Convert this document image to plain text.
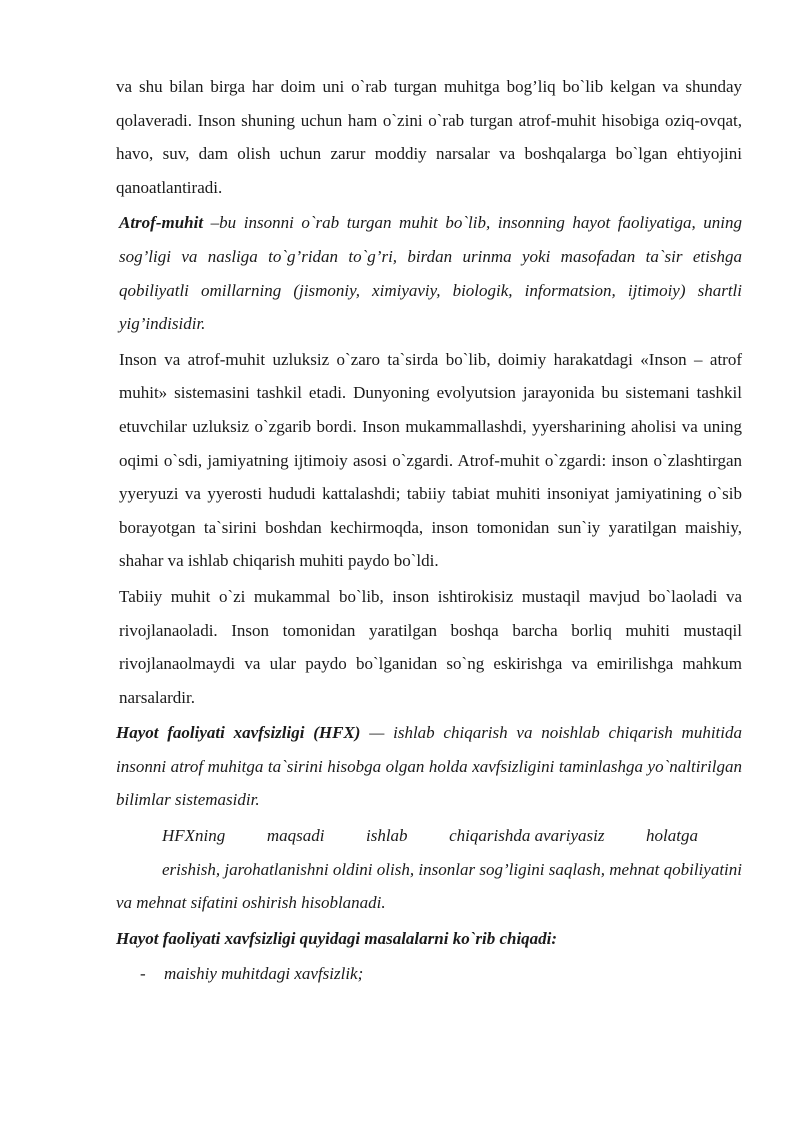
va shu bilan birga har doim uni o`rab turgan muhitga bog’liq bo`lib kelgan va shunday qolaveradi. Inson shuning uchun ham o`zini o`rab turgan atrof-muhit hisobiga oziq-ovqat, havo, suv, dam olish uchun zarur moddiy narsalar va boshqalarga bo`lgan ehtiyojini qanoatlantiradi.

Atrof-muhit –bu insonni o`rab turgan muhit bo`lib, insonning hayot faoliyatiga, uning sog’ligi va nasliga to`g’ridan to`g’ri, birdan urinma yoki masofadan ta`sir etishga qobiliyatli omillarning (jismoniy, ximiyaviy, biologik, informatsion, ijtimoiy) shartli yig’indisidir.

Inson va atrof-muhit uzluksiz o`zaro ta`sirda bo`lib, doimiy harakatdagi «Inson – atrof muhit» sistemasini tashkil etadi. Dunyoning evolyutsion jarayonida bu sistemani tashkil etuvchilar uzluksiz o`zgarib bordi. Inson mukammallashdi, yyersharining aholisi va uning oqimi o`sdi, jamiyatning ijtimoiy asosi o`zgardi. Atrof-muhit o`zgardi: inson o`zlashtirgan yyeryuzi va yyerosti hududi kattalashdi; tabiiy tabiat muhiti insoniyat jamiyatining o`sib borayotgan ta`sirini boshdan kechirmoqda, inson tomonidan sun`iy yaratilgan maishiy, shahar va ishlab chiqarish muhiti paydo bo`ldi.

Tabiiy muhit o`zi mukammal bo`lib, inson ishtirokisiz mustaqil mavjud bo`laoladi va rivojlanaoladi. Inson tomonidan yaratilgan boshqa barcha borliq muhiti mustaqil rivojlanaolmaydi va ular paydo bo`lganidan so`ng eskirishga va emirilishga mahkum narsalardir.

Hayot faoliyati xavfsizligi (HFX) — ishlab chiqarish va noishlab chiqarish muhitida insonni atrof muhitga ta`sirini hisobga olgan holda xavfsizligini taminlashga yo`naltirilgan bilimlar sistemasidir.

HFXning maqsadi ishlab chiqarishda avariyasiz holatga

erishish, jarohatlanishni oldini olish, insonlar sog’ligini saqlash, mehnat qobiliyatini va mehnat sifatini oshirish hisoblanadi.

Hayot faoliyati xavfsizligi quyidagi masalalarni ko`rib chiqadi:

-	maishiy muhitdagi xavfsizlik;
